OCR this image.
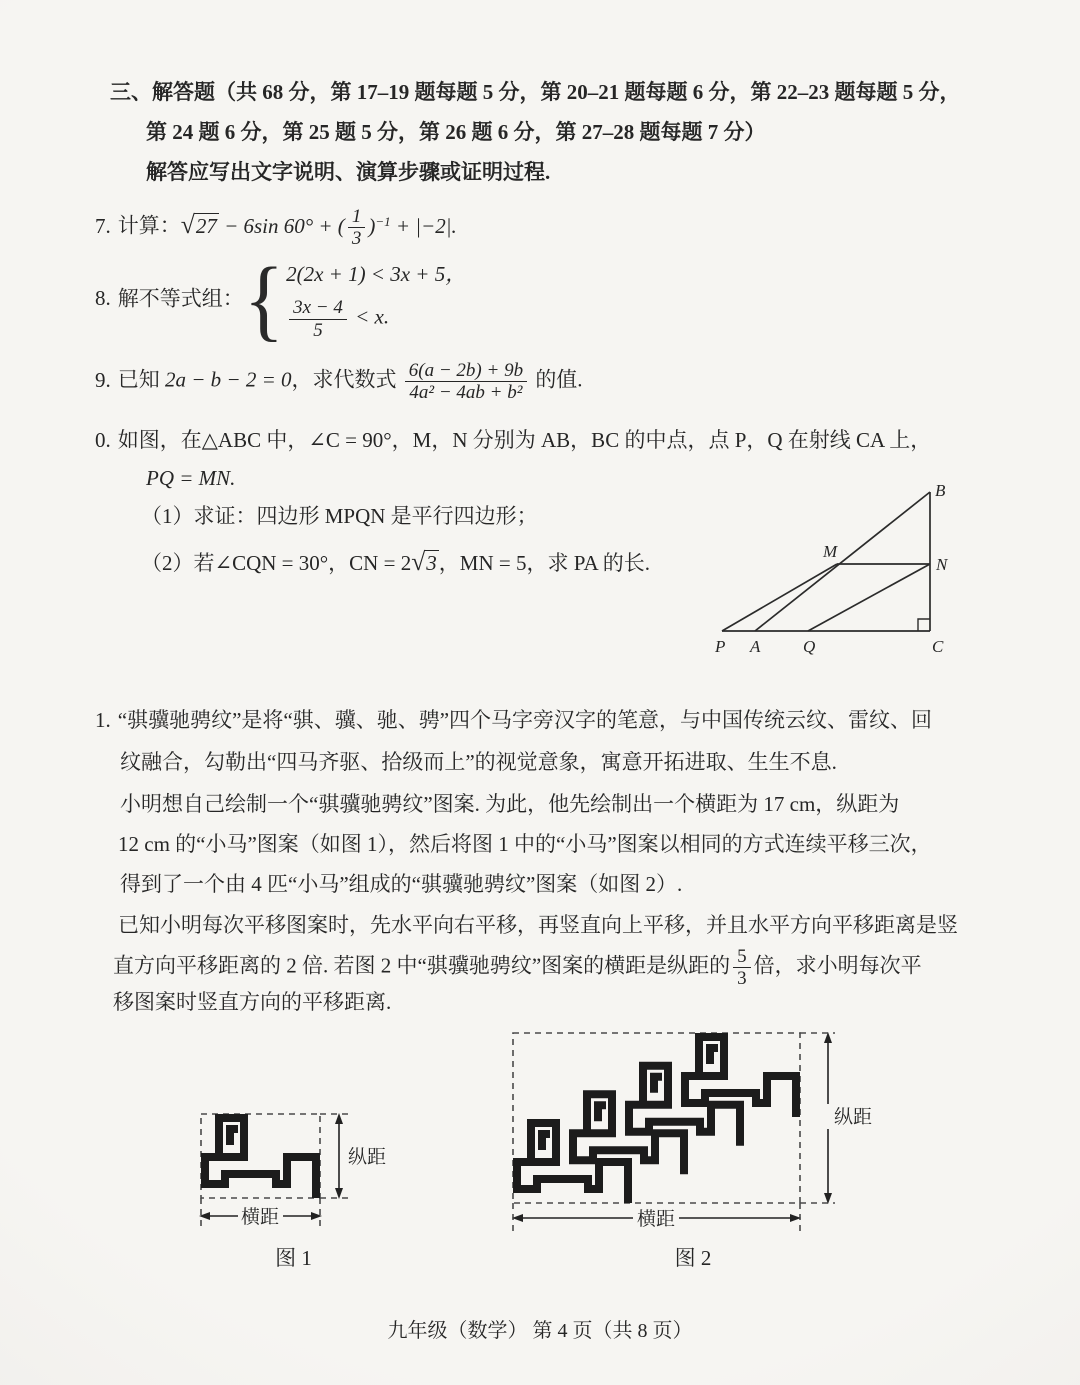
三、解答题（共 68 分，第 17–19 题每题 5 分，第 20–21 题每题 6 分，第 22–23 题每题 5 分，
第 24 题 6 分，第 25 题 5 分，第 26 题 6 分，第 27–28 题每题 7 分）
解答应写出文字说明、演算步骤或证明过程.
7. 计算：√27 − 6sin 60° + ( $\frac{1}{3} )^{-1} + |-2|$.
8. 解不等式组： { 2(2x + 1) < 3x + 5，
$\frac{3x - 4}{5} < x$.
9. 已知 2a − b − 2 = 0，求代数式 $\frac{6(a - 2b) + 9b}{\text{4a² − 4ab + b²}}$ 的值.
0. 如图，在△ABC 中，∠C = 90°，M，N 分别为 AB，BC 的中点，点 P，Q 在射线 CA 上，
PQ = MN.
（1）求证：四边形 MPQN 是平行四边形；
（2）若∠CQN = 30°，CN = 2√3，MN = 5，求 PA 的长.
B
M
N
P A	Q	C
1. “骐骥驰骋纹”是将“骐、骥、驰、骋”四个马字旁汉字的笔意，与中国传统云纹、雷纹、回
纹融合，勾勒出“四马齐驱、拾级而上”的视觉意象，寓意开拓进取、生生不息.
小明想自己绘制一个“骐骥驰骋纹”图案. 为此，他先绘制出一个横距为 17 cm，纵距为
12 cm 的“小马”图案（如图 1），然后将图 1 中的“小马”图案以相同的方式连续平移三次，
得到了一个由 4 匹“小马”组成的“骐骥驰骋纹”图案（如图 2）.
已知小明每次平移图案时，先水平向右平移，再竖直向上平移，并且水平方向平移距离是竖
直方向平移距离的 2 倍. 若图 2 中“骐骥驰骋纹”图案的横距是纵距的 $\frac{5}{3}$ 倍，求小明每次平
移图案时竖直方向的平移距离.
纵距
横距
图 1
纵距
横距
图 2
九年级（数学） 第 4 页（共 8 页）
